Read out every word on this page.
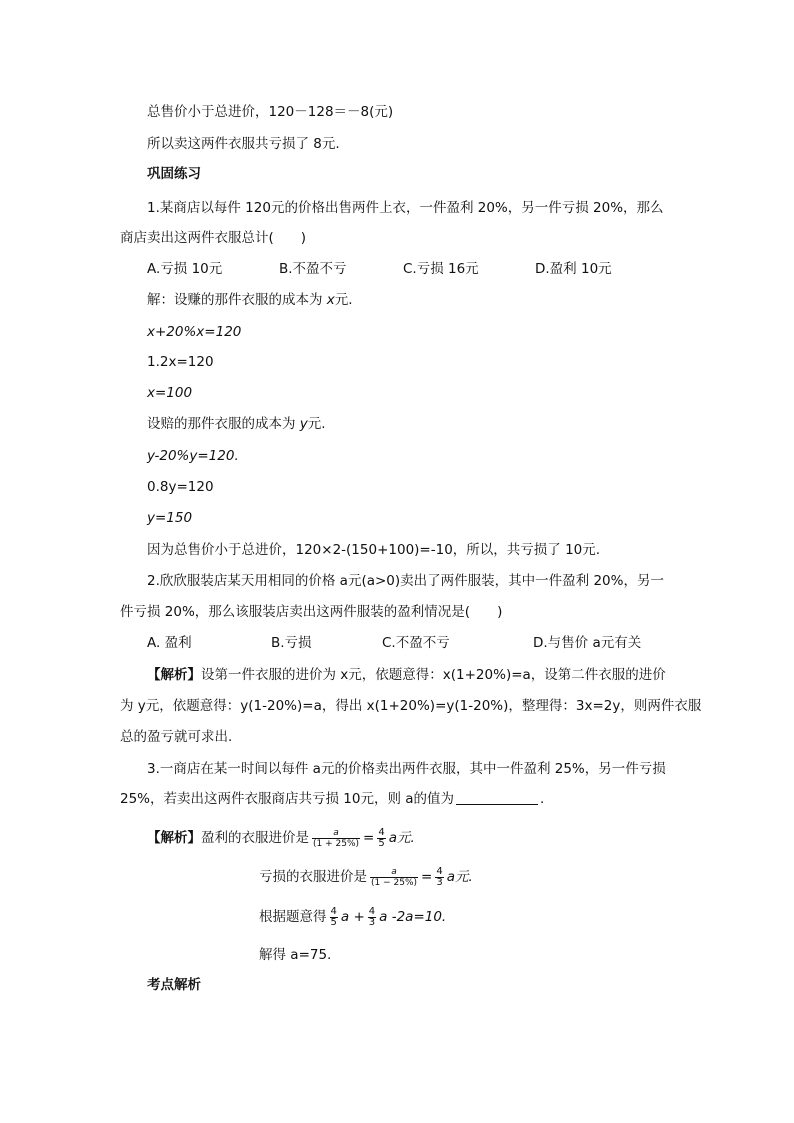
总售价小于总进价，120－128＝－8(元)
所以卖这两件衣服共亏损了 8元.
巩固练习
1.某商店以每件 120元的价格出售两件上衣，一件盈利 20%，另一件亏损 20%，那么
商店卖出这两件衣服总计(　　)
A.亏损 10元	B.不盈不亏	C.亏损 16元	D.盈利 10元
解：设赚的那件衣服的成本为 x元.
x+20%x=120
1.2x=120
x=100
设赔的那件衣服的成本为 y元.
y-20%y=120.
0.8y=120
y=150
因为总售价小于总进价，120×2-(150+100)=-10，所以，共亏损了 10元.
2.欣欣服装店某天用相同的价格 a元(a>0)卖出了两件服装，其中一件盈利 20%，另一
件亏损 20%，那么该服装店卖出这两件服装的盈利情况是(　　)
A. 盈利	B.亏损	C.不盈不亏	D.与售价 a元有关
【解析】设第一件衣服的进价为 x元，依题意得：x(1+20%)=a，设第二件衣服的进价
为 y元，依题意得：y(1-20%)=a，得出 x(1+20%)=y(1-20%)，整理得：3x=2y，则两件衣服
总的盈亏就可求出.
3.一商店在某一时间以每件 a元的价格卖出两件衣服，其中一件盈利 25%，另一件亏损
25%，若卖出这两件衣服商店共亏损 10元，则 a的值为	.
【解析】盈利的衣服进价是 $\frac{a}{(1 + 25\%)} = \frac{4}{5}$ a元.
亏损的衣服进价是 $\frac{a}{(1 - 25\%)} = \frac{4}{3}$ a元.
根据题意得 $\frac{4}{5}$ $a + \frac{4}{3}$ a -2a=10.
解得 a=75.
考点解析
